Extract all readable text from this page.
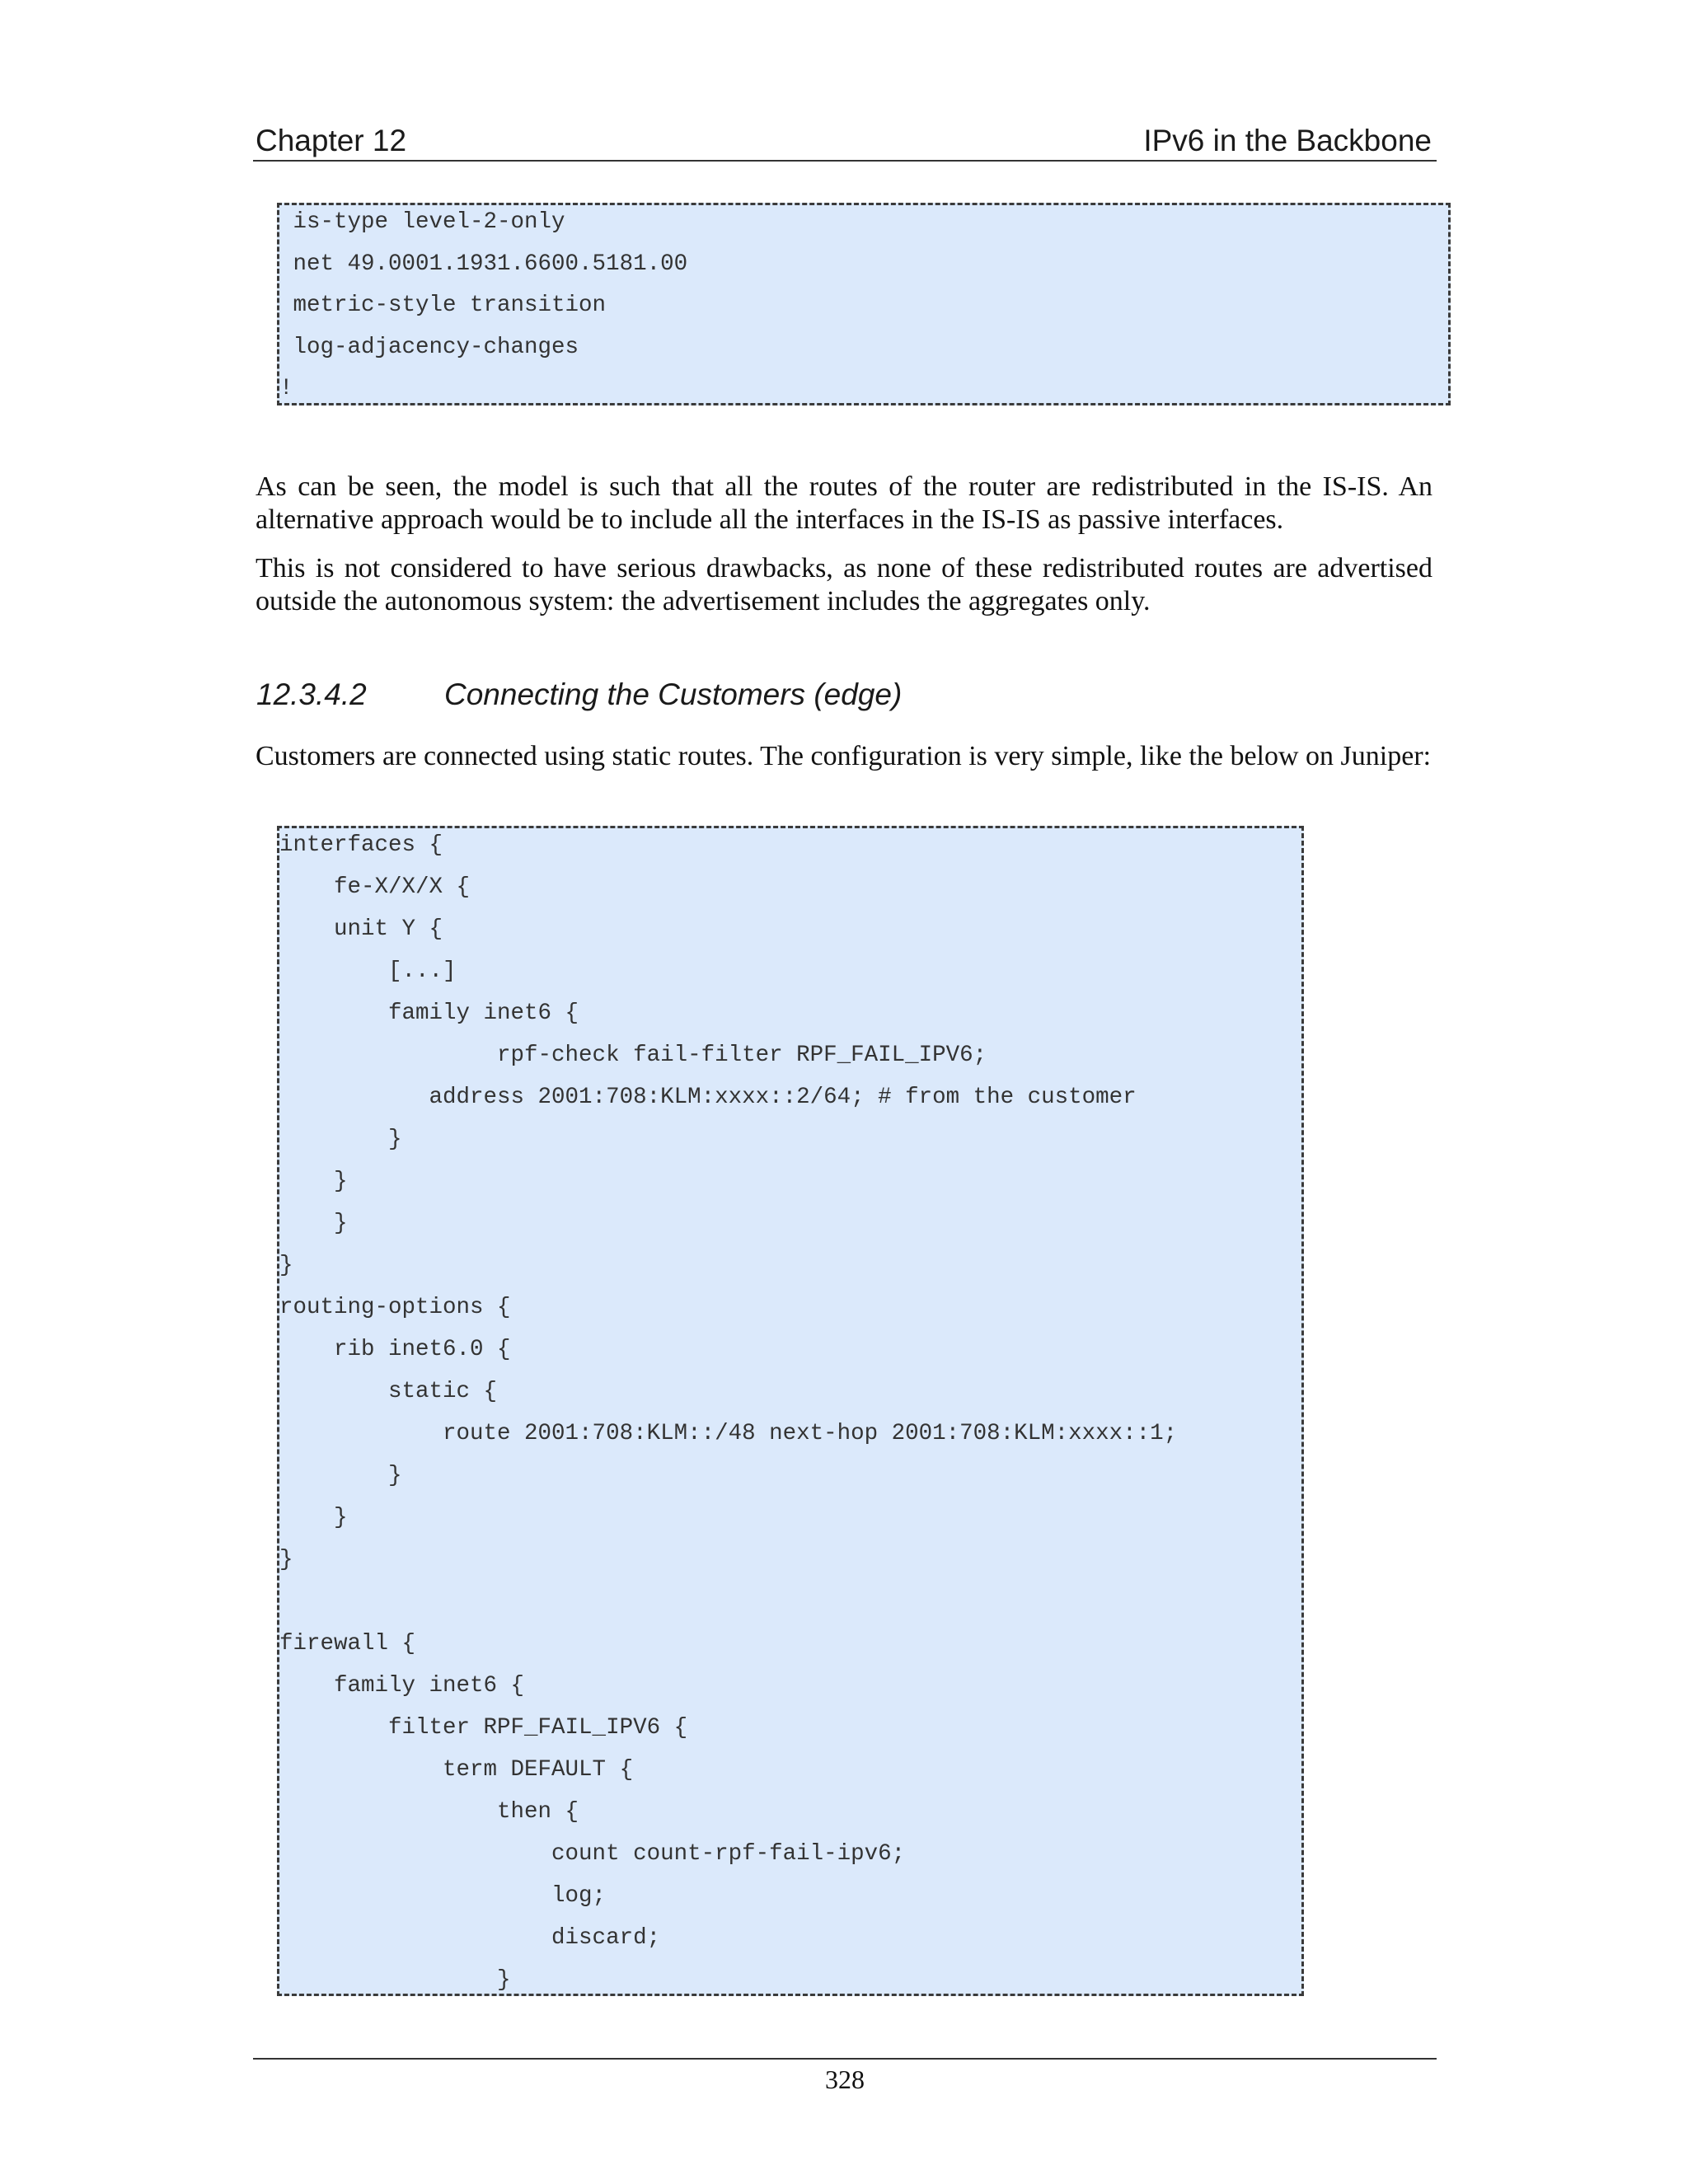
Chapter 12	IPv6 in the Backbone
is-type level-2-only
net 49.0001.1931.6600.5181.00
metric-style transition
log-adjacency-changes
!
As can be seen, the model is such that all the routes of the router are redistributed in the IS-IS. An alternative approach would be to include all the interfaces in the IS-IS as passive interfaces.
This is not considered to have serious drawbacks, as none of these redistributed routes are advertised outside the autonomous system: the advertisement includes the aggregates only.
12.3.4.2	Connecting the Customers (edge)
Customers are connected using static routes. The configuration is very simple, like the below on Juniper:
interfaces {
fe-X/X/X {
unit Y {
[...]
family inet6 {
rpf-check fail-filter RPF_FAIL_IPV6;
address 2001:708:KLM:xxxx::2/64; # from the customer
}
}
}
}
routing-options {
rib inet6.0 {
static {
route 2001:708:KLM::/48 next-hop 2001:708:KLM:xxxx::1;
}
}
}
firewall {
family inet6 {
filter RPF_FAIL_IPV6 {
term DEFAULT {
then {
count count-rpf-fail-ipv6;
log;
discard;
}
328
